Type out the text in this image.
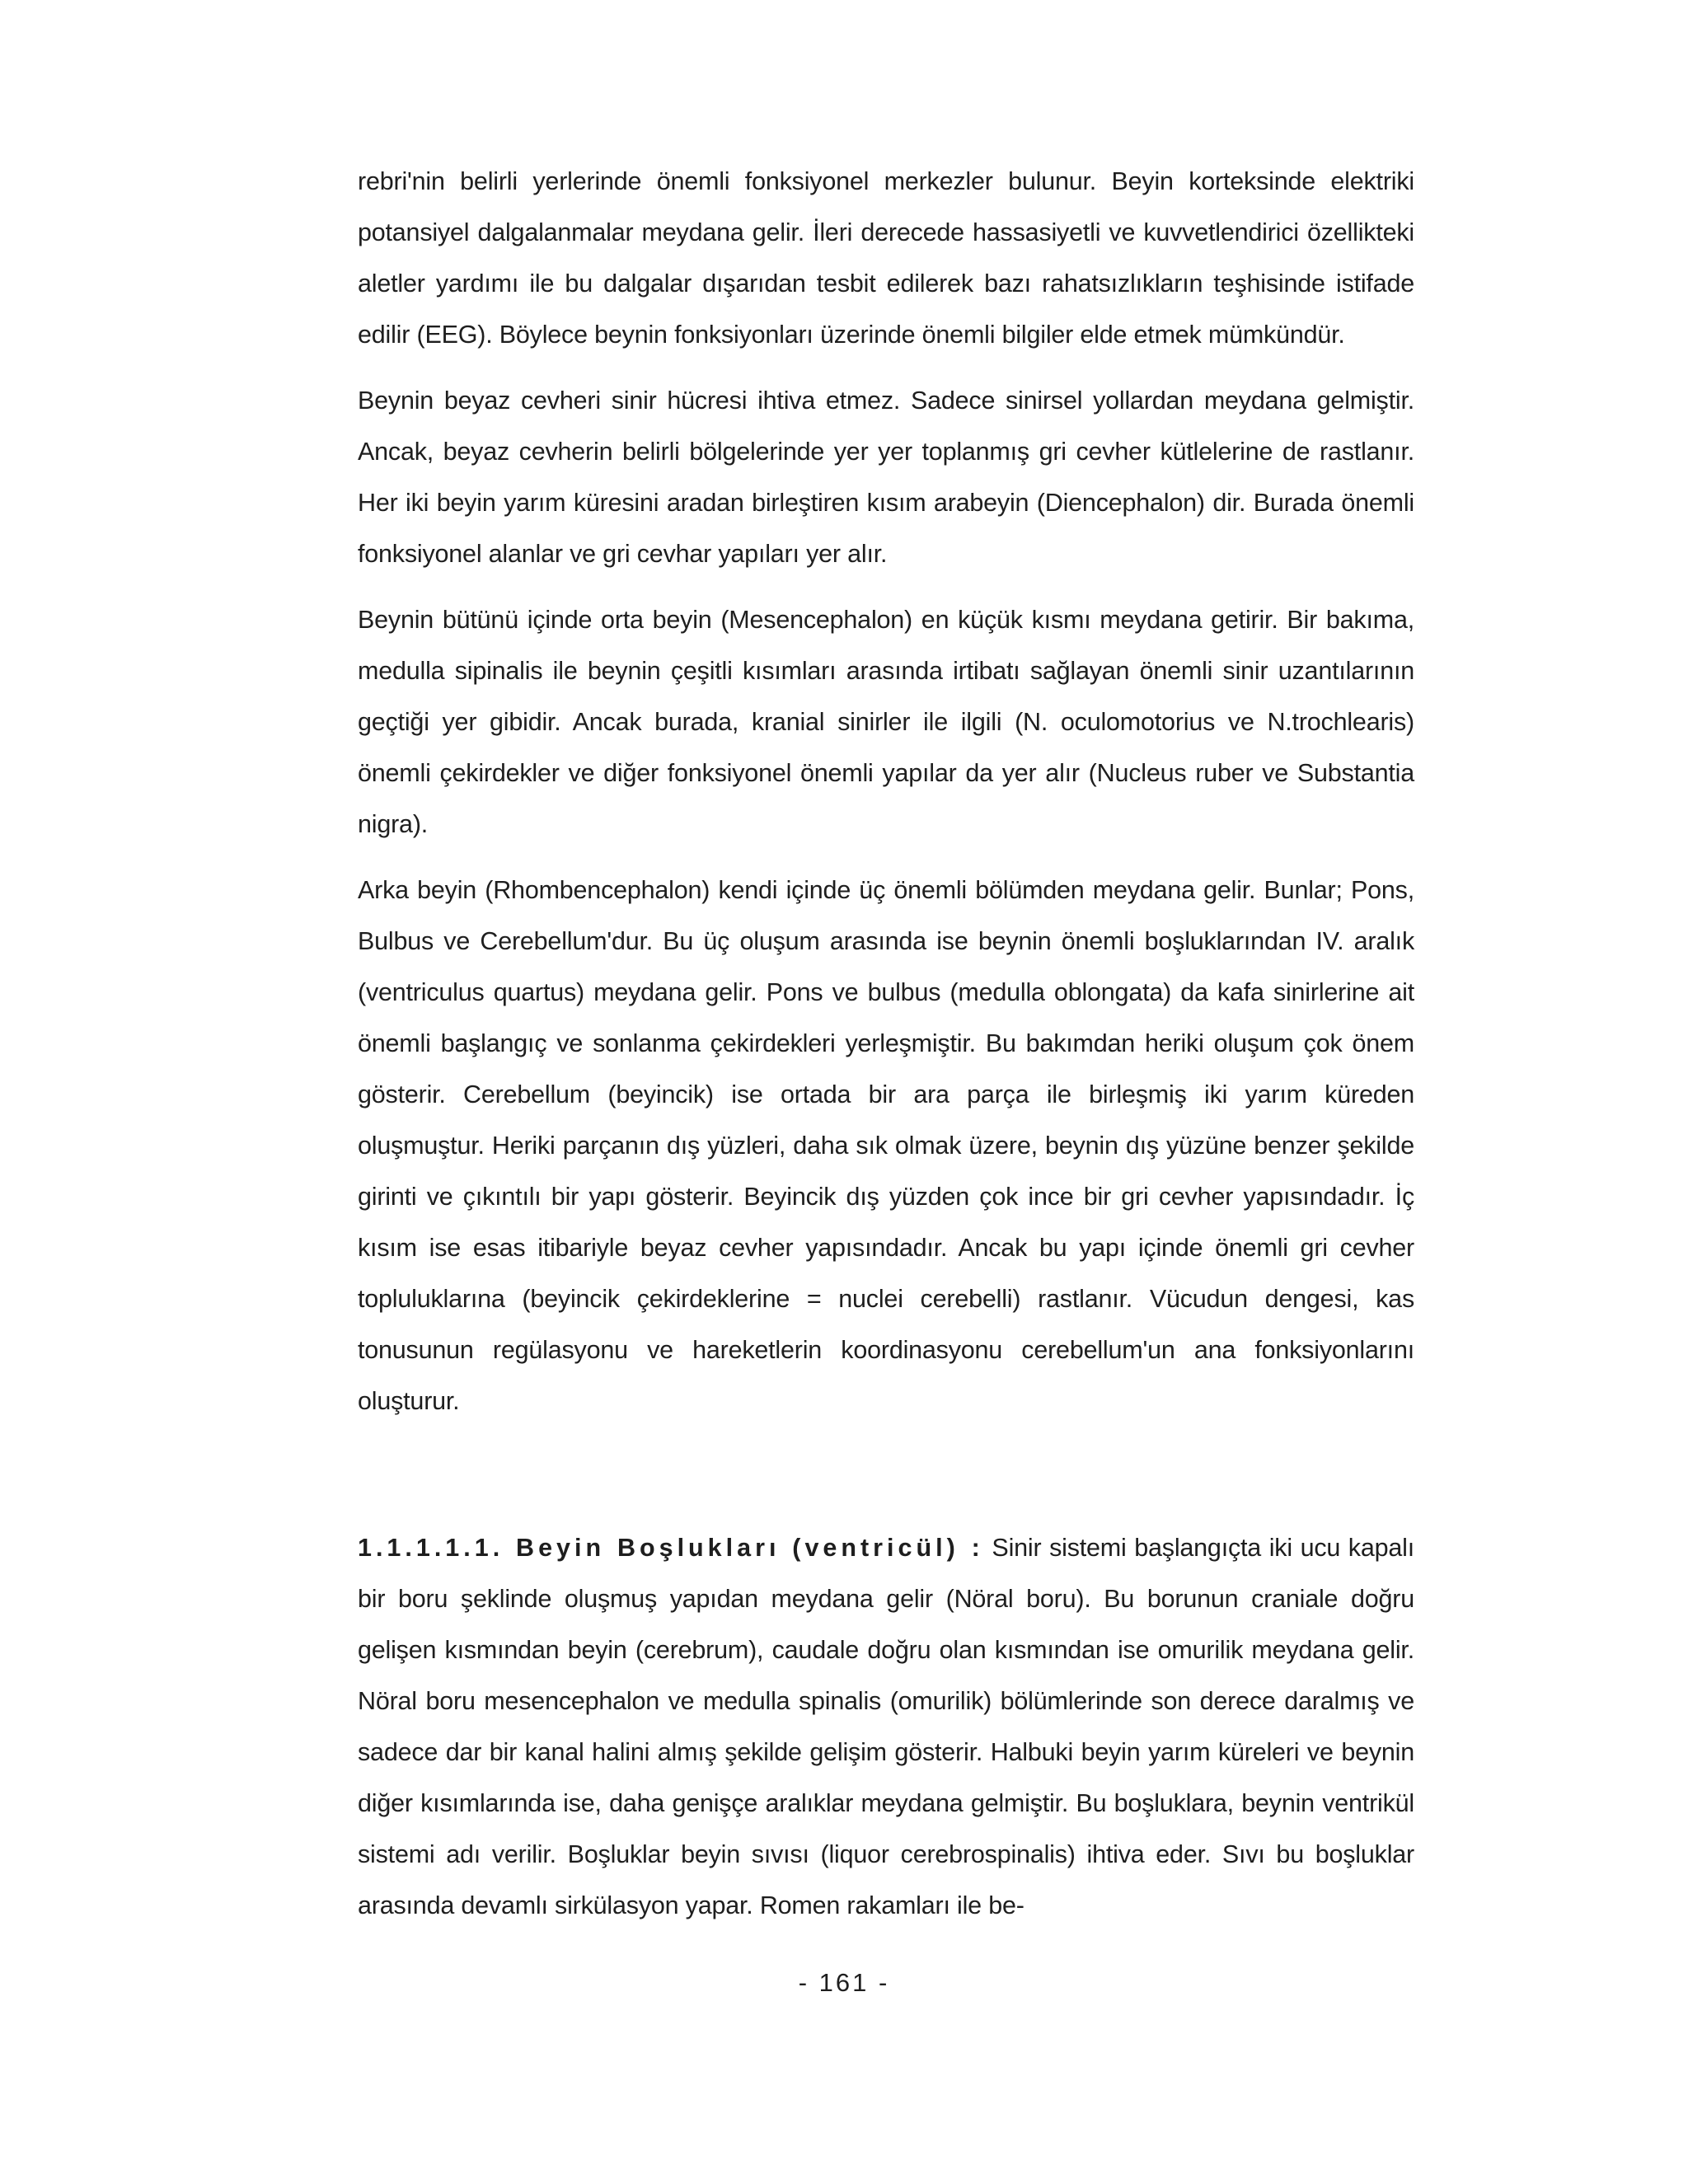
rebri'nin belirli yerlerinde önemli fonksiyonel merkezler bulunur. Beyin korteksinde elektriki potansiyel dalgalanmalar meydana gelir. İleri derecede hassasiyetli ve kuvvetlendirici özellikteki aletler yardımı ile bu dalgalar dışarıdan tesbit edilerek bazı rahatsızlıkların teşhisinde istifade edilir (EEG). Böylece beynin fonksiyonları üzerinde önemli bilgiler elde etmek mümkündür.

Beynin beyaz cevheri sinir hücresi ihtiva etmez. Sadece sinirsel yollardan meydana gelmiştir. Ancak, beyaz cevherin belirli bölgelerinde yer yer toplanmış gri cevher kütlelerine de rastlanır. Her iki beyin yarım küresini aradan birleştiren kısım arabeyin (Diencephalon) dir. Burada önemli fonksiyonel alanlar ve gri cevhar yapıları yer alır.

Beynin bütünü içinde orta beyin (Mesencephalon) en küçük kısmı meydana getirir. Bir bakıma, medulla sipinalis ile beynin çeşitli kısımları arasında irtibatı sağlayan önemli sinir uzantılarının geçtiği yer gibidir. Ancak burada, kranial sinirler ile ilgili (N. oculomotorius ve N.trochlearis) önemli çekirdekler ve diğer fonksiyonel önemli yapılar da yer alır (Nucleus ruber ve Substantia nigra).

Arka beyin (Rhombencephalon) kendi içinde üç önemli bölümden meydana gelir. Bunlar; Pons, Bulbus ve Cerebellum'dur. Bu üç oluşum arasında ise beynin önemli boşluklarından IV. aralık (ventriculus quartus) meydana gelir. Pons ve bulbus (medulla oblongata) da kafa sinirlerine ait önemli başlangıç ve sonlanma çekirdekleri yerleşmiştir. Bu bakımdan heriki oluşum çok önem gösterir. Cerebellum (beyincik) ise ortada bir ara parça ile birleşmiş iki yarım küreden oluşmuştur. Heriki parçanın dış yüzleri, daha sık olmak üzere, beynin dış yüzüne benzer şekilde girinti ve çıkıntılı bir yapı gösterir. Beyincik dış yüzden çok ince bir gri cevher yapısındadır. İç kısım ise esas itibariyle beyaz cevher yapısındadır. Ancak bu yapı içinde önemli gri cevher topluluklarına (beyincik çekirdeklerine = nuclei cerebelli) rastlanır. Vücudun dengesi, kas tonusunun regülasyonu ve hareketlerin koordinasyonu cerebellum'un ana fonksiyonlarını oluşturur.

1.1.1.1.1. Beyin Boşlukları (ventricül) : Sinir sistemi başlangıçta iki ucu kapalı bir boru şeklinde oluşmuş yapıdan meydana gelir (Nöral boru). Bu borunun craniale doğru gelişen kısmından beyin (cerebrum), caudale doğru olan kısmından ise omurilik meydana gelir. Nöral boru mesencephalon ve medulla spinalis (omurilik) bölümlerinde son derece daralmış ve sadece dar bir kanal halini almış şekilde gelişim gösterir. Halbuki beyin yarım küreleri ve beynin diğer kısımlarında ise, daha genişçe aralıklar meydana gelmiştir. Bu boşluklara, beynin ventrikül sistemi adı verilir. Boşluklar beyin sıvısı (liquor cerebrospinalis) ihtiva eder. Sıvı bu boşluklar arasında devamlı sirkülasyon yapar. Romen rakamları ile be-

- 161 -
